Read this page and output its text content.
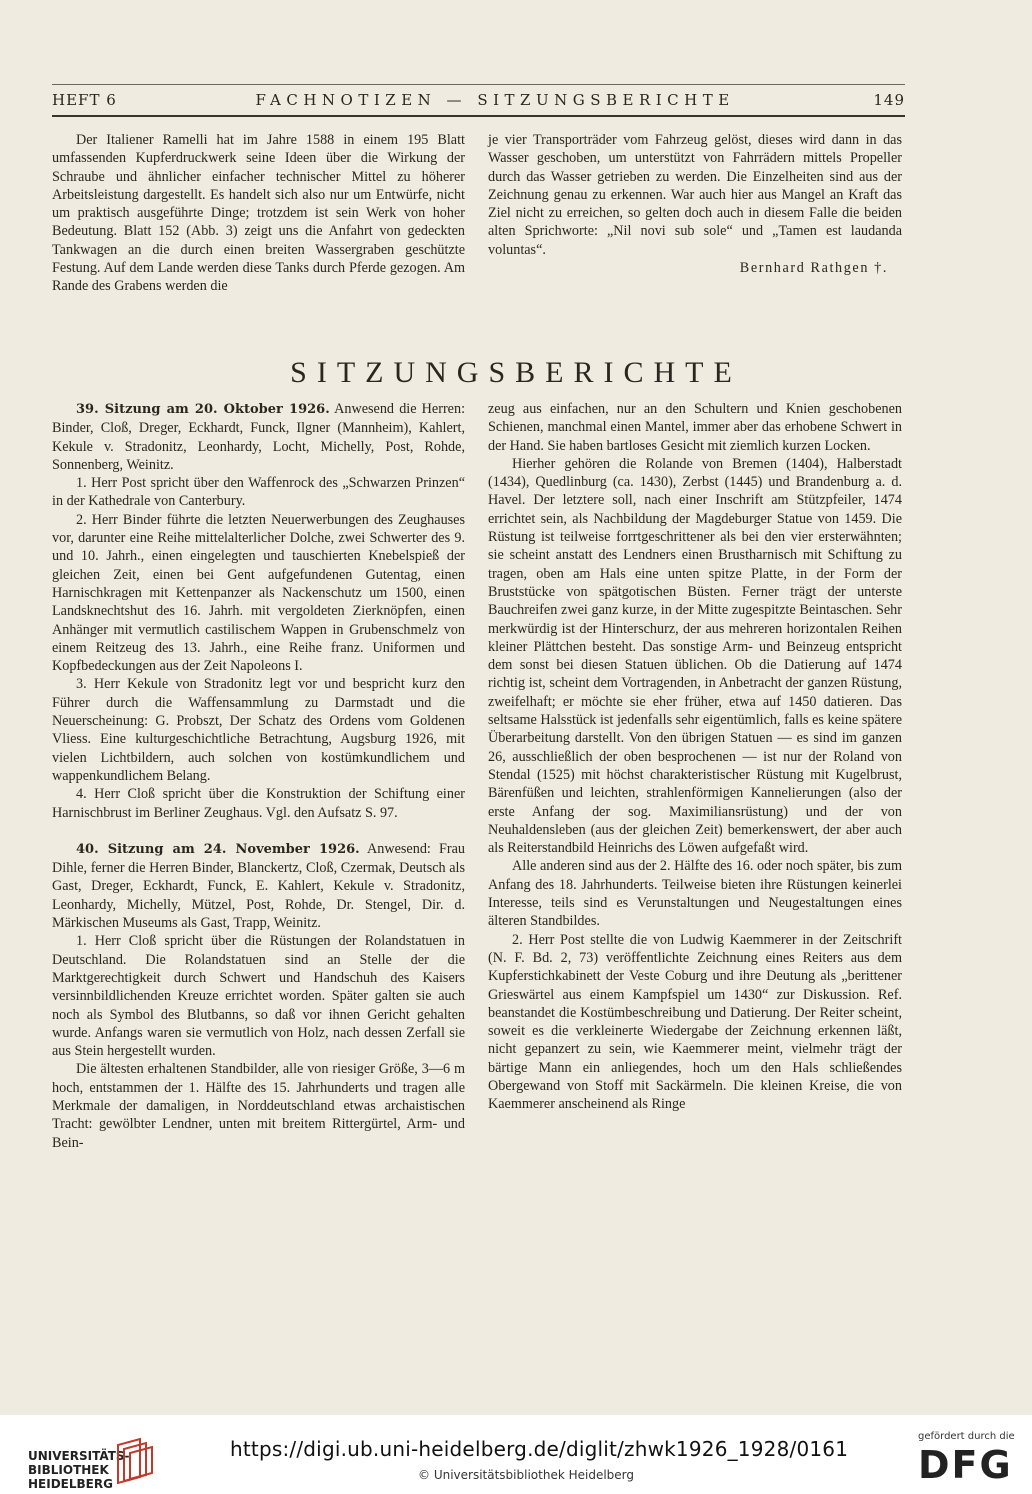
HEFT 6	FACHNOTIZEN — SITZUNGSBERICHTE	149

Der Italiener Ramelli hat im Jahre 1588 in einem 195 Blatt umfassenden Kupferdruckwerk seine Ideen über die Wirkung der Schraube und ähnlicher einfacher technischer Mittel zu höherer Arbeitsleistung dargestellt. Es handelt sich also nur um Entwürfe, nicht um praktisch ausgeführte Dinge; trotzdem ist sein Werk von hoher Bedeutung. Blatt 152 (Abb. 3) zeigt uns die Anfahrt von gedeckten Tankwagen an die durch einen breiten Wassergraben geschützte Festung. Auf dem Lande werden diese Tanks durch Pferde gezogen. Am Rande des Grabens werden die

je vier Transporträder vom Fahrzeug gelöst, dieses wird dann in das Wasser geschoben, um unterstützt von Fahrrädern mittels Propeller durch das Wasser getrieben zu werden. Die Einzelheiten sind aus der Zeichnung genau zu erkennen. War auch hier aus Mangel an Kraft das Ziel nicht zu erreichen, so gelten doch auch in diesem Falle die beiden alten Sprichworte: „Nil novi sub sole“ und „Tamen est laudanda voluntas“.

Bernhard Rathgen †.

SITZUNGSBERICHTE

39. Sitzung am 20. Oktober 1926. Anwesend die Herren: Binder, Cloß, Dreger, Eckhardt, Funck, Ilgner (Mannheim), Kahlert, Kekule v. Stradonitz, Leonhardy, Locht, Michelly, Post, Rohde, Sonnenberg, Weinitz.

1. Herr Post spricht über den Waffenrock des „Schwarzen Prinzen“ in der Kathedrale von Canterbury.

2. Herr Binder führte die letzten Neuerwerbungen des Zeughauses vor, darunter eine Reihe mittelalterlicher Dolche, zwei Schwerter des 9. und 10. Jahrh., einen eingelegten und tauschierten Knebelspieß der gleichen Zeit, einen bei Gent aufgefundenen Gutentag, einen Harnischkragen mit Kettenpanzer als Nackenschutz um 1500, einen Landsknechtshut des 16. Jahrh. mit vergoldeten Zierknöpfen, einen Anhänger mit vermutlich castilischem Wappen in Grubenschmelz von einem Reitzeug des 13. Jahrh., eine Reihe franz. Uniformen und Kopfbedeckungen aus der Zeit Napoleons I.

3. Herr Kekule von Stradonitz legt vor und bespricht kurz den Führer durch die Waffensammlung zu Darmstadt und die Neuerscheinung: G. Probszt, Der Schatz des Ordens vom Goldenen Vliess. Eine kulturgeschichtliche Betrachtung, Augsburg 1926, mit vielen Lichtbildern, auch solchen von kostümkundlichem und wappenkundlichem Belang.

4. Herr Cloß spricht über die Konstruktion der Schiftung einer Harnischbrust im Berliner Zeughaus. Vgl. den Aufsatz S. 97.

40. Sitzung am 24. November 1926. Anwesend: Frau Dihle, ferner die Herren Binder, Blanckertz, Cloß, Czermak, Deutsch als Gast, Dreger, Eckhardt, Funck, E. Kahlert, Kekule v. Stradonitz, Leonhardy, Michelly, Mützel, Post, Rohde, Dr. Stengel, Dir. d. Märkischen Museums als Gast, Trapp, Weinitz.

1. Herr Cloß spricht über die Rüstungen der Rolandstatuen in Deutschland. Die Rolandstatuen sind an Stelle der die Marktgerechtigkeit durch Schwert und Handschuh des Kaisers versinnbildlichenden Kreuze errichtet worden. Später galten sie auch noch als Symbol des Blutbanns, so daß vor ihnen Gericht gehalten wurde. Anfangs waren sie vermutlich von Holz, nach dessen Zerfall sie aus Stein hergestellt wurden.

Die ältesten erhaltenen Standbilder, alle von riesiger Größe, 3—6 m hoch, entstammen der 1. Hälfte des 15. Jahrhunderts und tragen alle Merkmale der damaligen, in Norddeutschland etwas archaistischen Tracht: gewölbter Lendner, unten mit breitem Rittergürtel, Arm- und Bein-

zeug aus einfachen, nur an den Schultern und Knien geschobenen Schienen, manchmal einen Mantel, immer aber das erhobene Schwert in der Hand. Sie haben bartloses Gesicht mit ziemlich kurzen Locken.

Hierher gehören die Rolande von Bremen (1404), Halberstadt (1434), Quedlinburg (ca. 1430), Zerbst (1445) und Brandenburg a. d. Havel. Der letztere soll, nach einer Inschrift am Stützpfeiler, 1474 errichtet sein, als Nachbildung der Magdeburger Statue von 1459. Die Rüstung ist teilweise forrtgeschrittener als bei den vier ersterwähnten; sie scheint anstatt des Lendners einen Brustharnisch mit Schiftung zu tragen, oben am Hals eine unten spitze Platte, in der Form der Bruststücke von spätgotischen Büsten. Ferner trägt der unterste Bauchreifen zwei ganz kurze, in der Mitte zugespitzte Beintaschen. Sehr merkwürdig ist der Hinterschurz, der aus mehreren horizontalen Reihen kleiner Plättchen besteht. Das sonstige Arm- und Beinzeug entspricht dem sonst bei diesen Statuen üblichen. Ob die Datierung auf 1474 richtig ist, scheint dem Vortragenden, in Anbetracht der ganzen Rüstung, zweifelhaft; er möchte sie eher früher, etwa auf 1450 datieren. Das seltsame Halsstück ist jedenfalls sehr eigentümlich, falls es keine spätere Überarbeitung darstellt. Von den übrigen Statuen — es sind im ganzen 26, ausschließlich der oben besprochenen — ist nur der Roland von Stendal (1525) mit höchst charakteristischer Rüstung mit Kugelbrust, Bärenfüßen und leichten, strahlenförmigen Kannelierungen (also der erste Anfang der sog. Maximiliansrüstung) und der von Neuhaldensleben (aus der gleichen Zeit) bemerkenswert, der aber auch als Reiterstandbild Heinrichs des Löwen aufgefaßt wird.

Alle anderen sind aus der 2. Hälfte des 16. oder noch später, bis zum Anfang des 18. Jahrhunderts. Teilweise bieten ihre Rüstungen keinerlei Interesse, teils sind es Verunstaltungen und Neugestaltungen eines älteren Standbildes.

2. Herr Post stellte die von Ludwig Kaemmerer in der Zeitschrift (N. F. Bd. 2, 73) veröffentlichte Zeichnung eines Reiters aus dem Kupferstichkabinett der Veste Coburg und ihre Deutung als „berittener Grieswärtel aus einem Kampfspiel um 1430“ zur Diskussion. Ref. beanstandet die Kostümbeschreibung und Datierung. Der Reiter scheint, soweit es die verkleinerte Wiedergabe der Zeichnung erkennen läßt, nicht gepanzert zu sein, wie Kaemmerer meint, vielmehr trägt der bärtige Mann ein anliegendes, hoch um den Hals schließendes Obergewand von Stoff mit Sackärmeln. Die kleinen Kreise, die von Kaemmerer anscheinend als Ringe

UNIVERSITÄTS-
BIBLIOTHEK
HEIDELBERG
https://digi.ub.uni-heidelberg.de/diglit/zhwk1926_1928/0161
© Universitätsbibliothek Heidelberg
gefördert durch die
DFG
